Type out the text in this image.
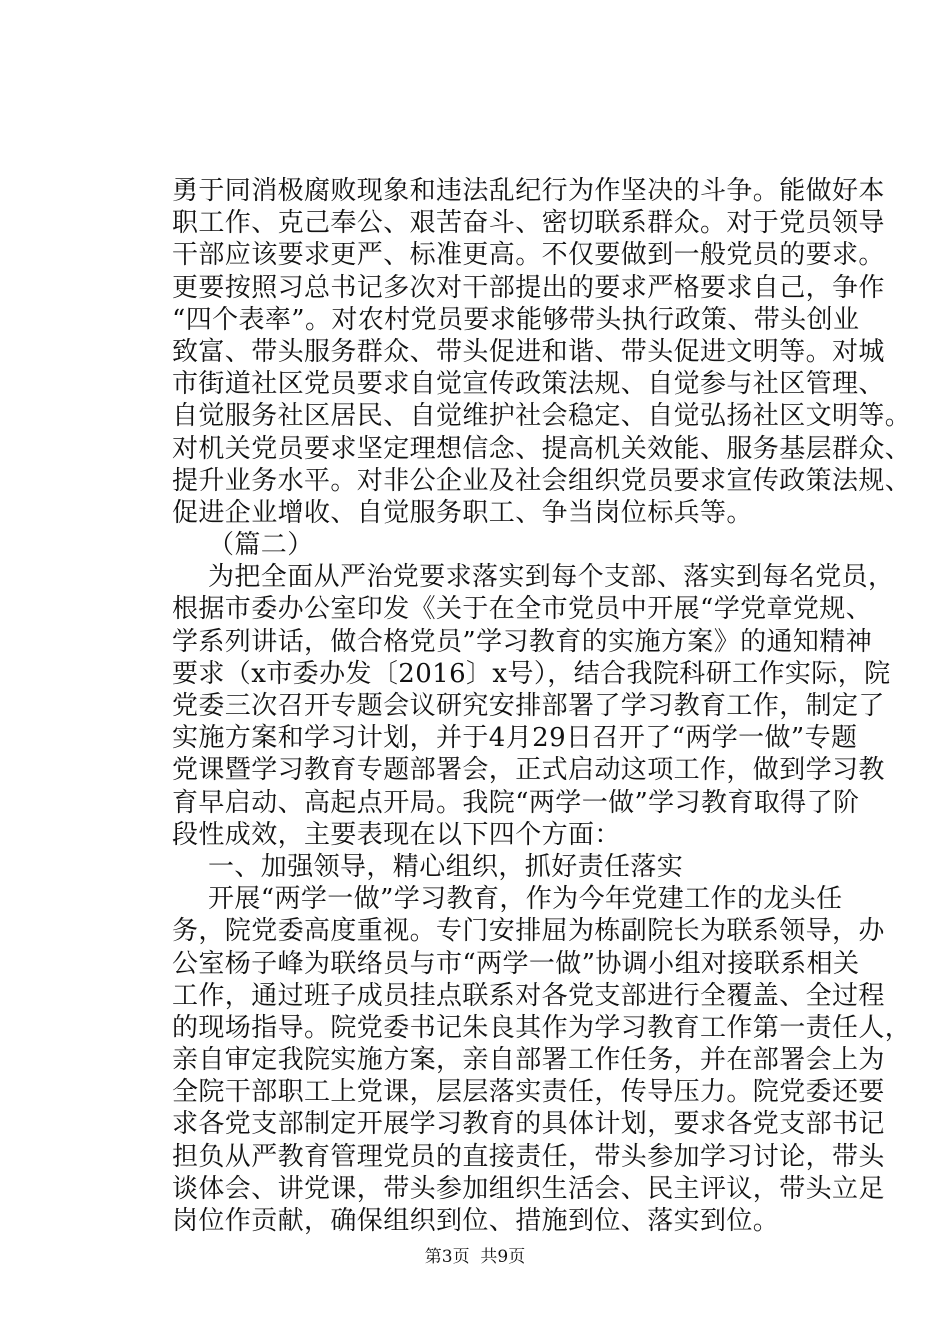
勇于同消极腐败现象和违法乱纪行为作坚决的斗争。能做好本
职工作、克己奉公、艰苦奋斗、密切联系群众。对于党员领导
干部应该要求更严、标准更高。不仅要做到一般党员的要求。
更要按照习总书记多次对干部提出的要求严格要求自己，争作
“四个表率”。对农村党员要求能够带头执行政策、带头创业
致富、带头服务群众、带头促进和谐、带头促进文明等。对城
市街道社区党员要求自觉宣传政策法规、自觉参与社区管理、
自觉服务社区居民、自觉维护社会稳定、自觉弘扬社区文明等。
对机关党员要求坚定理想信念、提高机关效能、服务基层群众、
提升业务水平。对非公企业及社会组织党员要求宣传政策法规、
促进企业增收、自觉服务职工、争当岗位标兵等。
（篇二）
为把全面从严治党要求落实到每个支部、落实到每名党员，
根据市委办公室印发《关于在全市党员中开展“学党章党规、
学系列讲话，做合格党员”学习教育的实施方案》的通知精神
要求（x市委办发〔2016〕x号），结合我院科研工作实际，院
党委三次召开专题会议研究安排部署了学习教育工作，制定了
实施方案和学习计划，并于4月29日召开了“两学一做”专题
党课暨学习教育专题部署会，正式启动这项工作，做到学习教
育早启动、高起点开局。我院“两学一做”学习教育取得了阶
段性成效，主要表现在以下四个方面：
一、加强领导，精心组织，抓好责任落实
开展“两学一做”学习教育，作为今年党建工作的龙头任
务，院党委高度重视。专门安排屈为栋副院长为联系领导，办
公室杨子峰为联络员与市“两学一做”协调小组对接联系相关
工作，通过班子成员挂点联系对各党支部进行全覆盖、全过程
的现场指导。院党委书记朱良其作为学习教育工作第一责任人，
亲自审定我院实施方案，亲自部署工作任务，并在部署会上为
全院干部职工上党课，层层落实责任，传导压力。院党委还要
求各党支部制定开展学习教育的具体计划，要求各党支部书记
担负从严教育管理党员的直接责任，带头参加学习讨论，带头
谈体会、讲党课，带头参加组织生活会、民主评议，带头立足
岗位作贡献，确保组织到位、措施到位、落实到位。
第3页  共9页
